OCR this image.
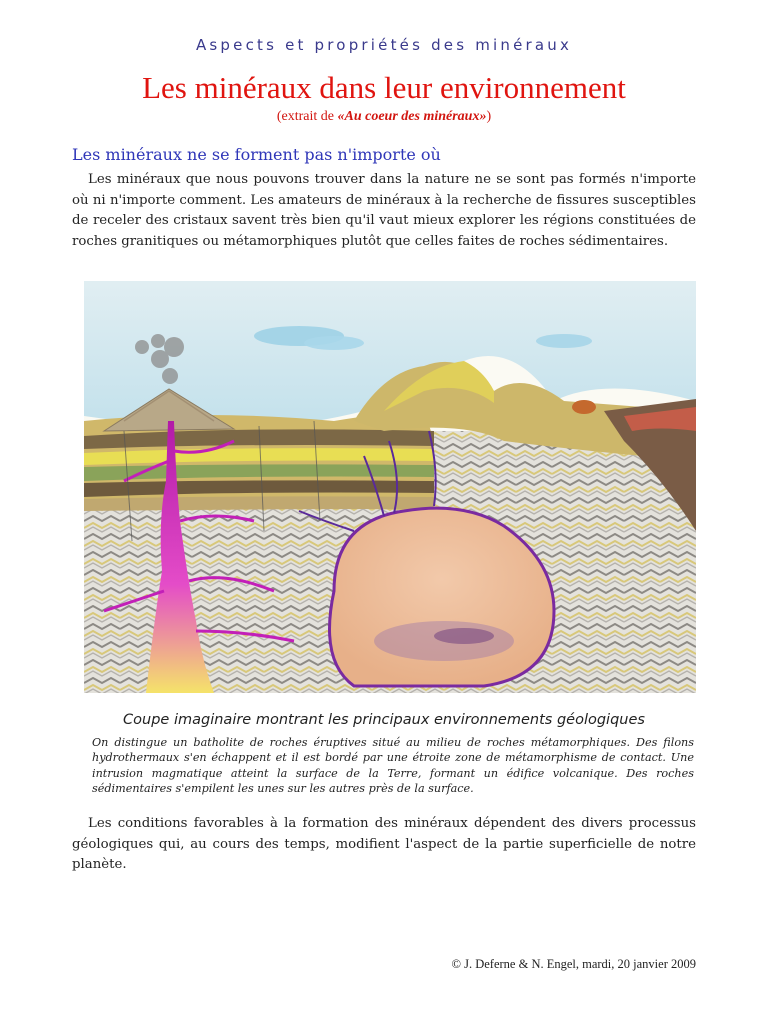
Aspects et propriétés des minéraux
Les minéraux dans leur environnement
(extrait de «Au coeur des minéraux»)
Les minéraux ne se forment pas n'importe où

Les minéraux que nous pouvons trouver dans la nature ne se sont pas formés n'importe où ni n'importe comment. Les amateurs de minéraux à la recherche de fissures susceptibles de receler des cristaux savent très bien qu'il vaut mieux explorer les régions constituées de roches granitiques ou métamorphiques plutôt que celles faites de roches sédimentaires.

Coupe imaginaire montrant les principaux environnements géologiques

On distingue un batholite de roches éruptives situé au milieu de roches métamorphiques. Des filons hydrothermaux s'en échappent et il est bordé par une étroite zone de métamorphisme de contact. Une intrusion magmatique atteint la surface de la Terre, formant un édifice volcanique. Des roches sédimentaires s'empilent les unes sur les autres près de la surface.

Les conditions favorables à la formation des minéraux dépendent des divers processus géologiques qui, au cours des temps, modifient l'aspect de la partie superficielle de notre planète.

© J. Deferne & N. Engel, mardi, 20 janvier 2009
